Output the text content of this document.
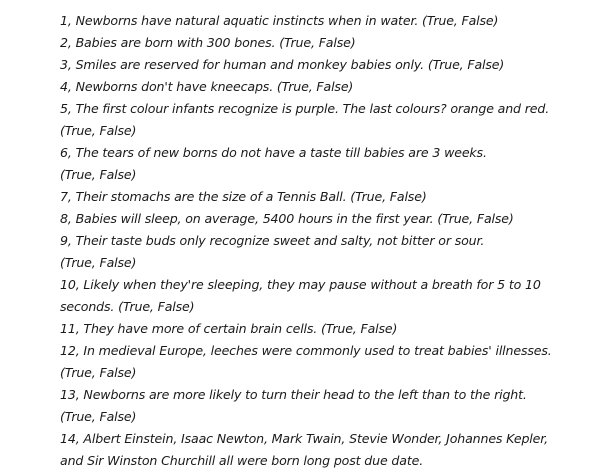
1, Newborns have natural aquatic instincts when in water. (True, False)
2, Babies are born with 300 bones. (True, False)
3, Smiles are reserved for human and monkey babies only. (True, False)
4, Newborns don't have kneecaps. (True, False)
5, The first colour infants recognize is purple. The last colours? orange and red.
(True, False)
6, The tears of new borns do not have a taste till babies are 3 weeks.
(True, False)
7, Their stomachs are the size of a Tennis Ball. (True, False)
8, Babies will sleep, on average, 5400 hours in the first year. (True, False)
9, Their taste buds only recognize sweet and salty, not bitter or sour.
(True, False)
10, Likely when they're sleeping, they may pause without a breath for 5 to 10
seconds. (True, False)
11, They have more of certain brain cells. (True, False)
12, In medieval Europe, leeches were commonly used to treat babies' illnesses.
(True, False)
13, Newborns are more likely to turn their head to the left than to the right.
(True, False)
14, Albert Einstein, Isaac Newton, Mark Twain, Stevie Wonder, Johannes Kepler,
and Sir Winston Churchill all were born long post due date.
